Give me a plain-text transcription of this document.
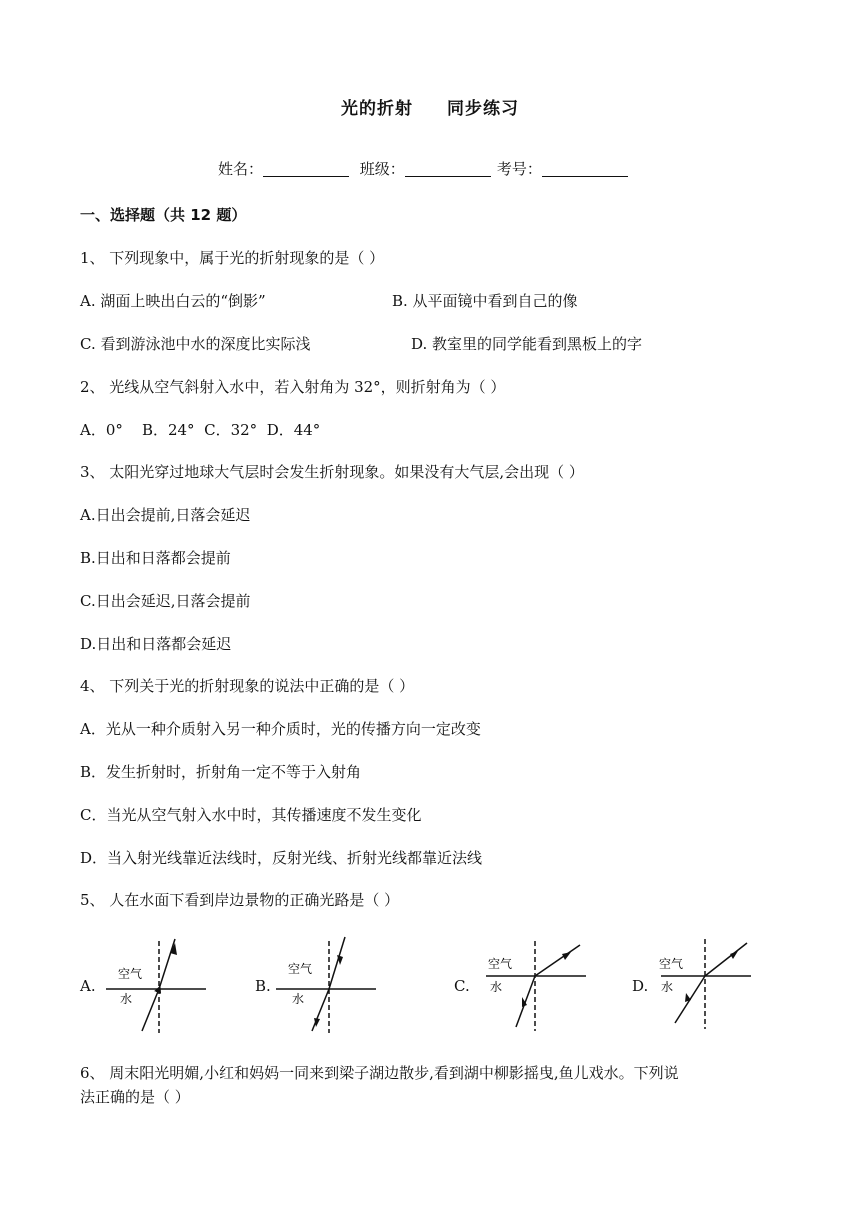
光的折射 同步练习
姓名：	班级：	考号：
一、选择题（共 12 题）
1、 下列现象中，属于光的折射现象的是（ ）
A. 湖面上映出白云的“倒影”	B. 从平面镜中看到自己的像
C. 看到游泳池中水的深度比实际浅	D. 教室里的同学能看到黑板上的字
2、 光线从空气斜射入水中，若入射角为 32°，则折射角为（ ）
A．0°    B．24°  C．32°  D．44°
3、 太阳光穿过地球大气层时会发生折射现象。如果没有大气层,会出现（ ）
A.日出会提前,日落会延迟
B.日出和日落都会提前
C.日出会延迟,日落会提前
D.日出和日落都会延迟
4、 下列关于光的折射现象的说法中正确的是（ ）
A．光从一种介质射入另一种介质时，光的传播方向一定改变
B．发生折射时，折射角一定不等于入射角
C．当光从空气射入水中时，其传播速度不发生变化
D．当入射光线靠近法线时，反射光线、折射光线都靠近法线
5、 人在水面下看到岸边景物的正确光路是（ ）
A.	B.	C.	D.
空气
水
空气
水
空气
水
空气
水
6、 周末阳光明媚,小红和妈妈一同来到梁子湖边散步,看到湖中柳影摇曳,鱼儿戏水。下列说
法正确的是（ ）
